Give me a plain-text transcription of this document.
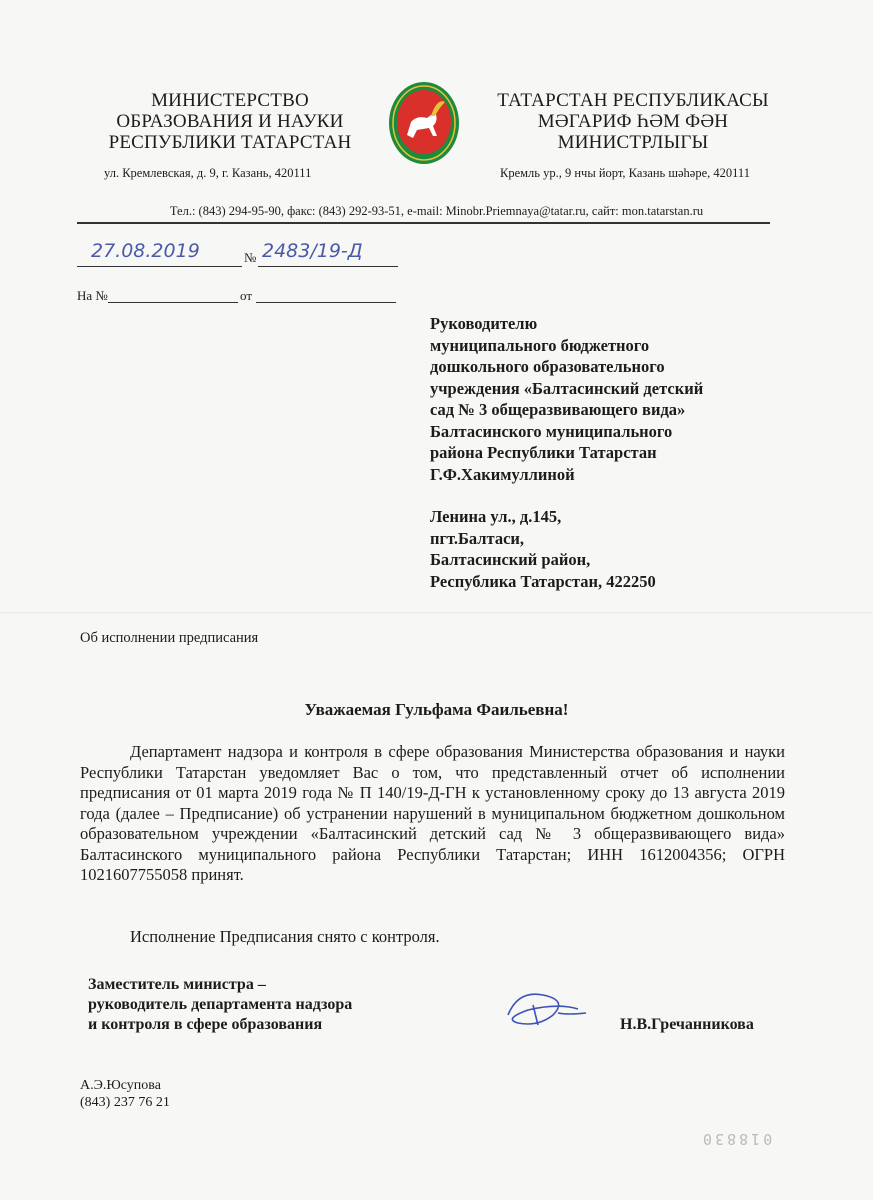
МИНИСТЕРСТВО
ОБРАЗОВАНИЯ И НАУКИ
РЕСПУБЛИКИ ТАТАРСТАН
ТАТАРСТАН РЕСПУБЛИКАСЫ
МӘГАРИФ ҺӘМ ФӘН
МИНИСТРЛЫГЫ
ул. Кремлевская, д. 9, г. Казань, 420111	Кремль ур., 9 нчы йорт, Казань шәһәре, 420111
Тел.: (843) 294-95-90, факс: (843) 292-93-51, e-mail: Minobr.Priemnaya@tatar.ru, сайт: mon.tatarstan.ru
27.08.2019	№ 2483/19-Д
На №	от
Руководителю
муниципального бюджетного
дошкольного образовательного
учреждения «Балтасинский детский
сад № 3 общеразвивающего вида»
Балтасинского муниципального
района Республики Татарстан
Г.Ф.Хакимуллиной
Ленина ул., д.145,
пгт.Балтаси,
Балтасинский район,
Республика Татарстан, 422250
Об исполнении предписания
Уважаемая Гульфама Фаильевна!
Департамент надзора и контроля в сфере образования Министерства образования и науки Республики Татарстан уведомляет Вас о том, что представленный отчет об исполнении предписания от 01 марта 2019 года № П 140/19-Д-ГН к установленному сроку до 13 августа 2019 года (далее – Предписание) об устранении нарушений в муниципальном бюджетном дошкольном образовательном учреждении «Балтасинский детский сад № 3 общеразвивающего вида» Балтасинского муниципального района Республики Татарстан; ИНН 1612004356; ОГРН 1021607755058 принят.
Исполнение Предписания снято с контроля.
Заместитель министра –
руководитель департамента надзора
и контроля в сфере образования	Н.В.Гречанникова
А.Э.Юсупова
(843) 237 76 21
018830
